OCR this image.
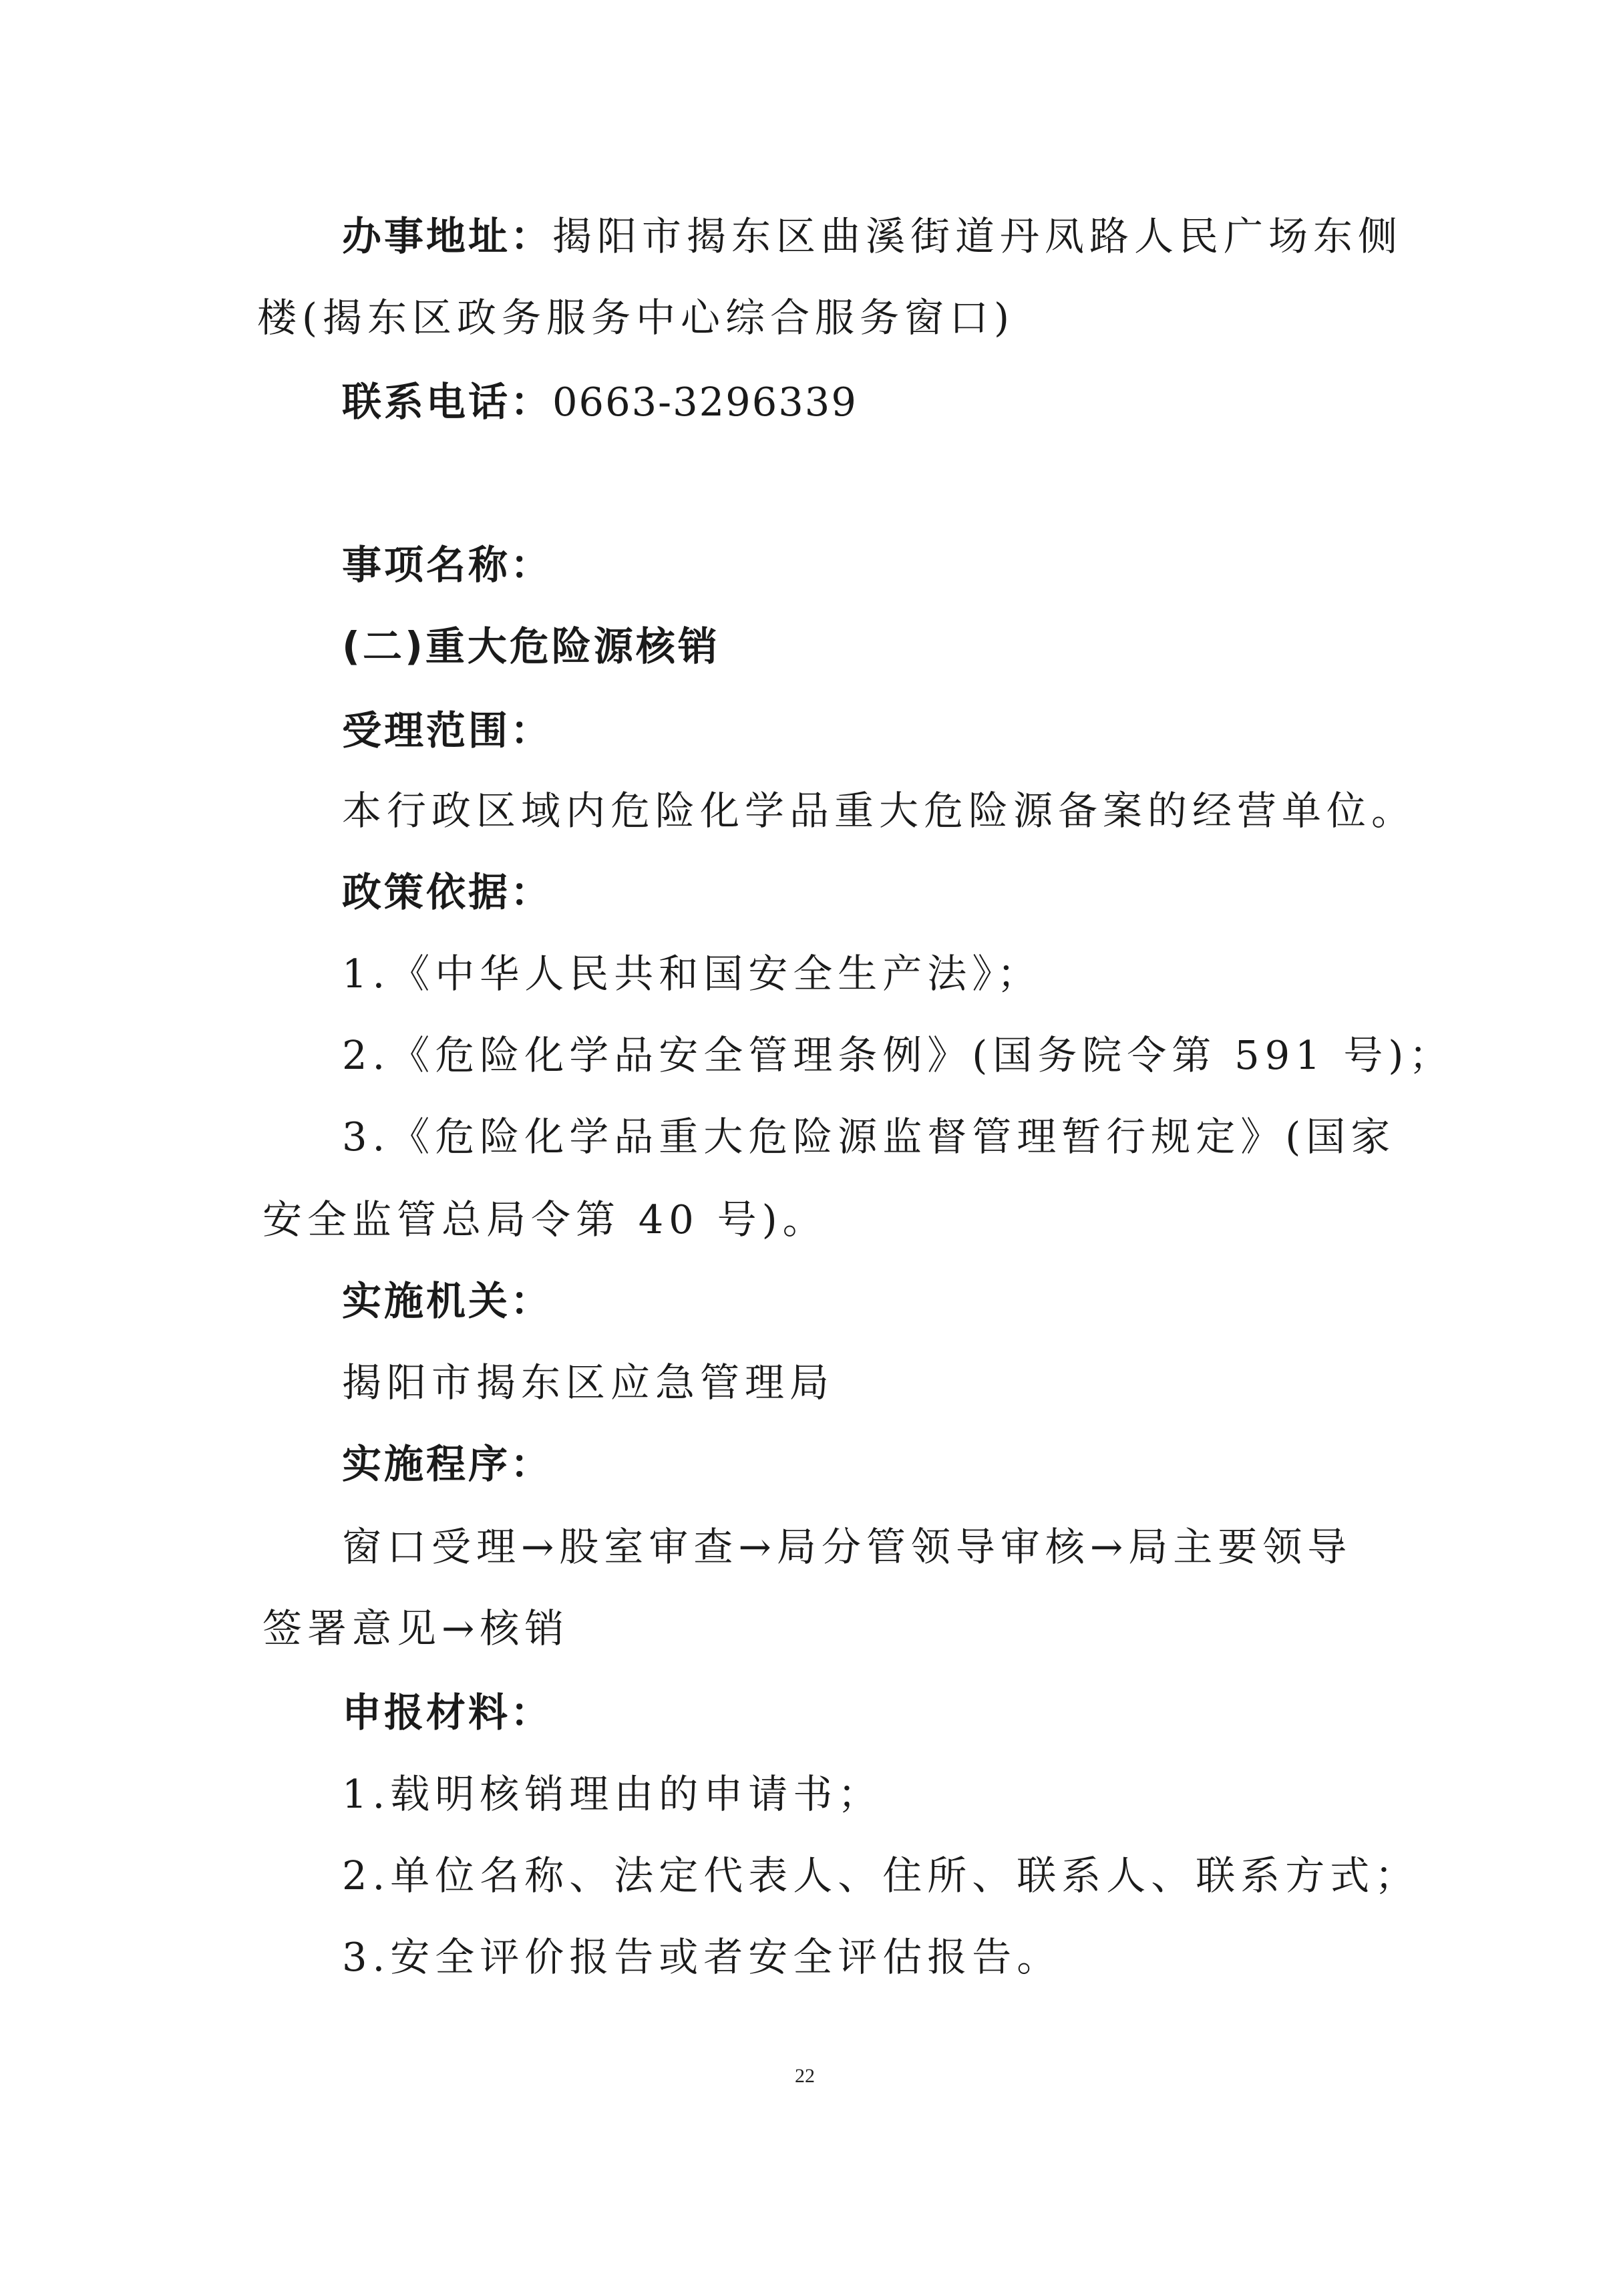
办事地址：揭阳市揭东区曲溪街道丹凤路人民广场东侧
楼(揭东区政务服务中心综合服务窗口)
联系电话：0663-3296339
事项名称：
(二)重大危险源核销
受理范围：
本行政区域内危险化学品重大危险源备案的经营单位。
政策依据：
1.《中华人民共和国安全生产法》；
2.《危险化学品安全管理条例》(国务院令第 591 号)；
3.《危险化学品重大危险源监督管理暂行规定》(国家
安全监管总局令第 40 号)。
实施机关：
揭阳市揭东区应急管理局
实施程序：
窗口受理→股室审查→局分管领导审核→局主要领导
签署意见→核销
申报材料：
1.载明核销理由的申请书；
2.单位名称、法定代表人、住所、联系人、联系方式；
3.安全评价报告或者安全评估报告。
22
